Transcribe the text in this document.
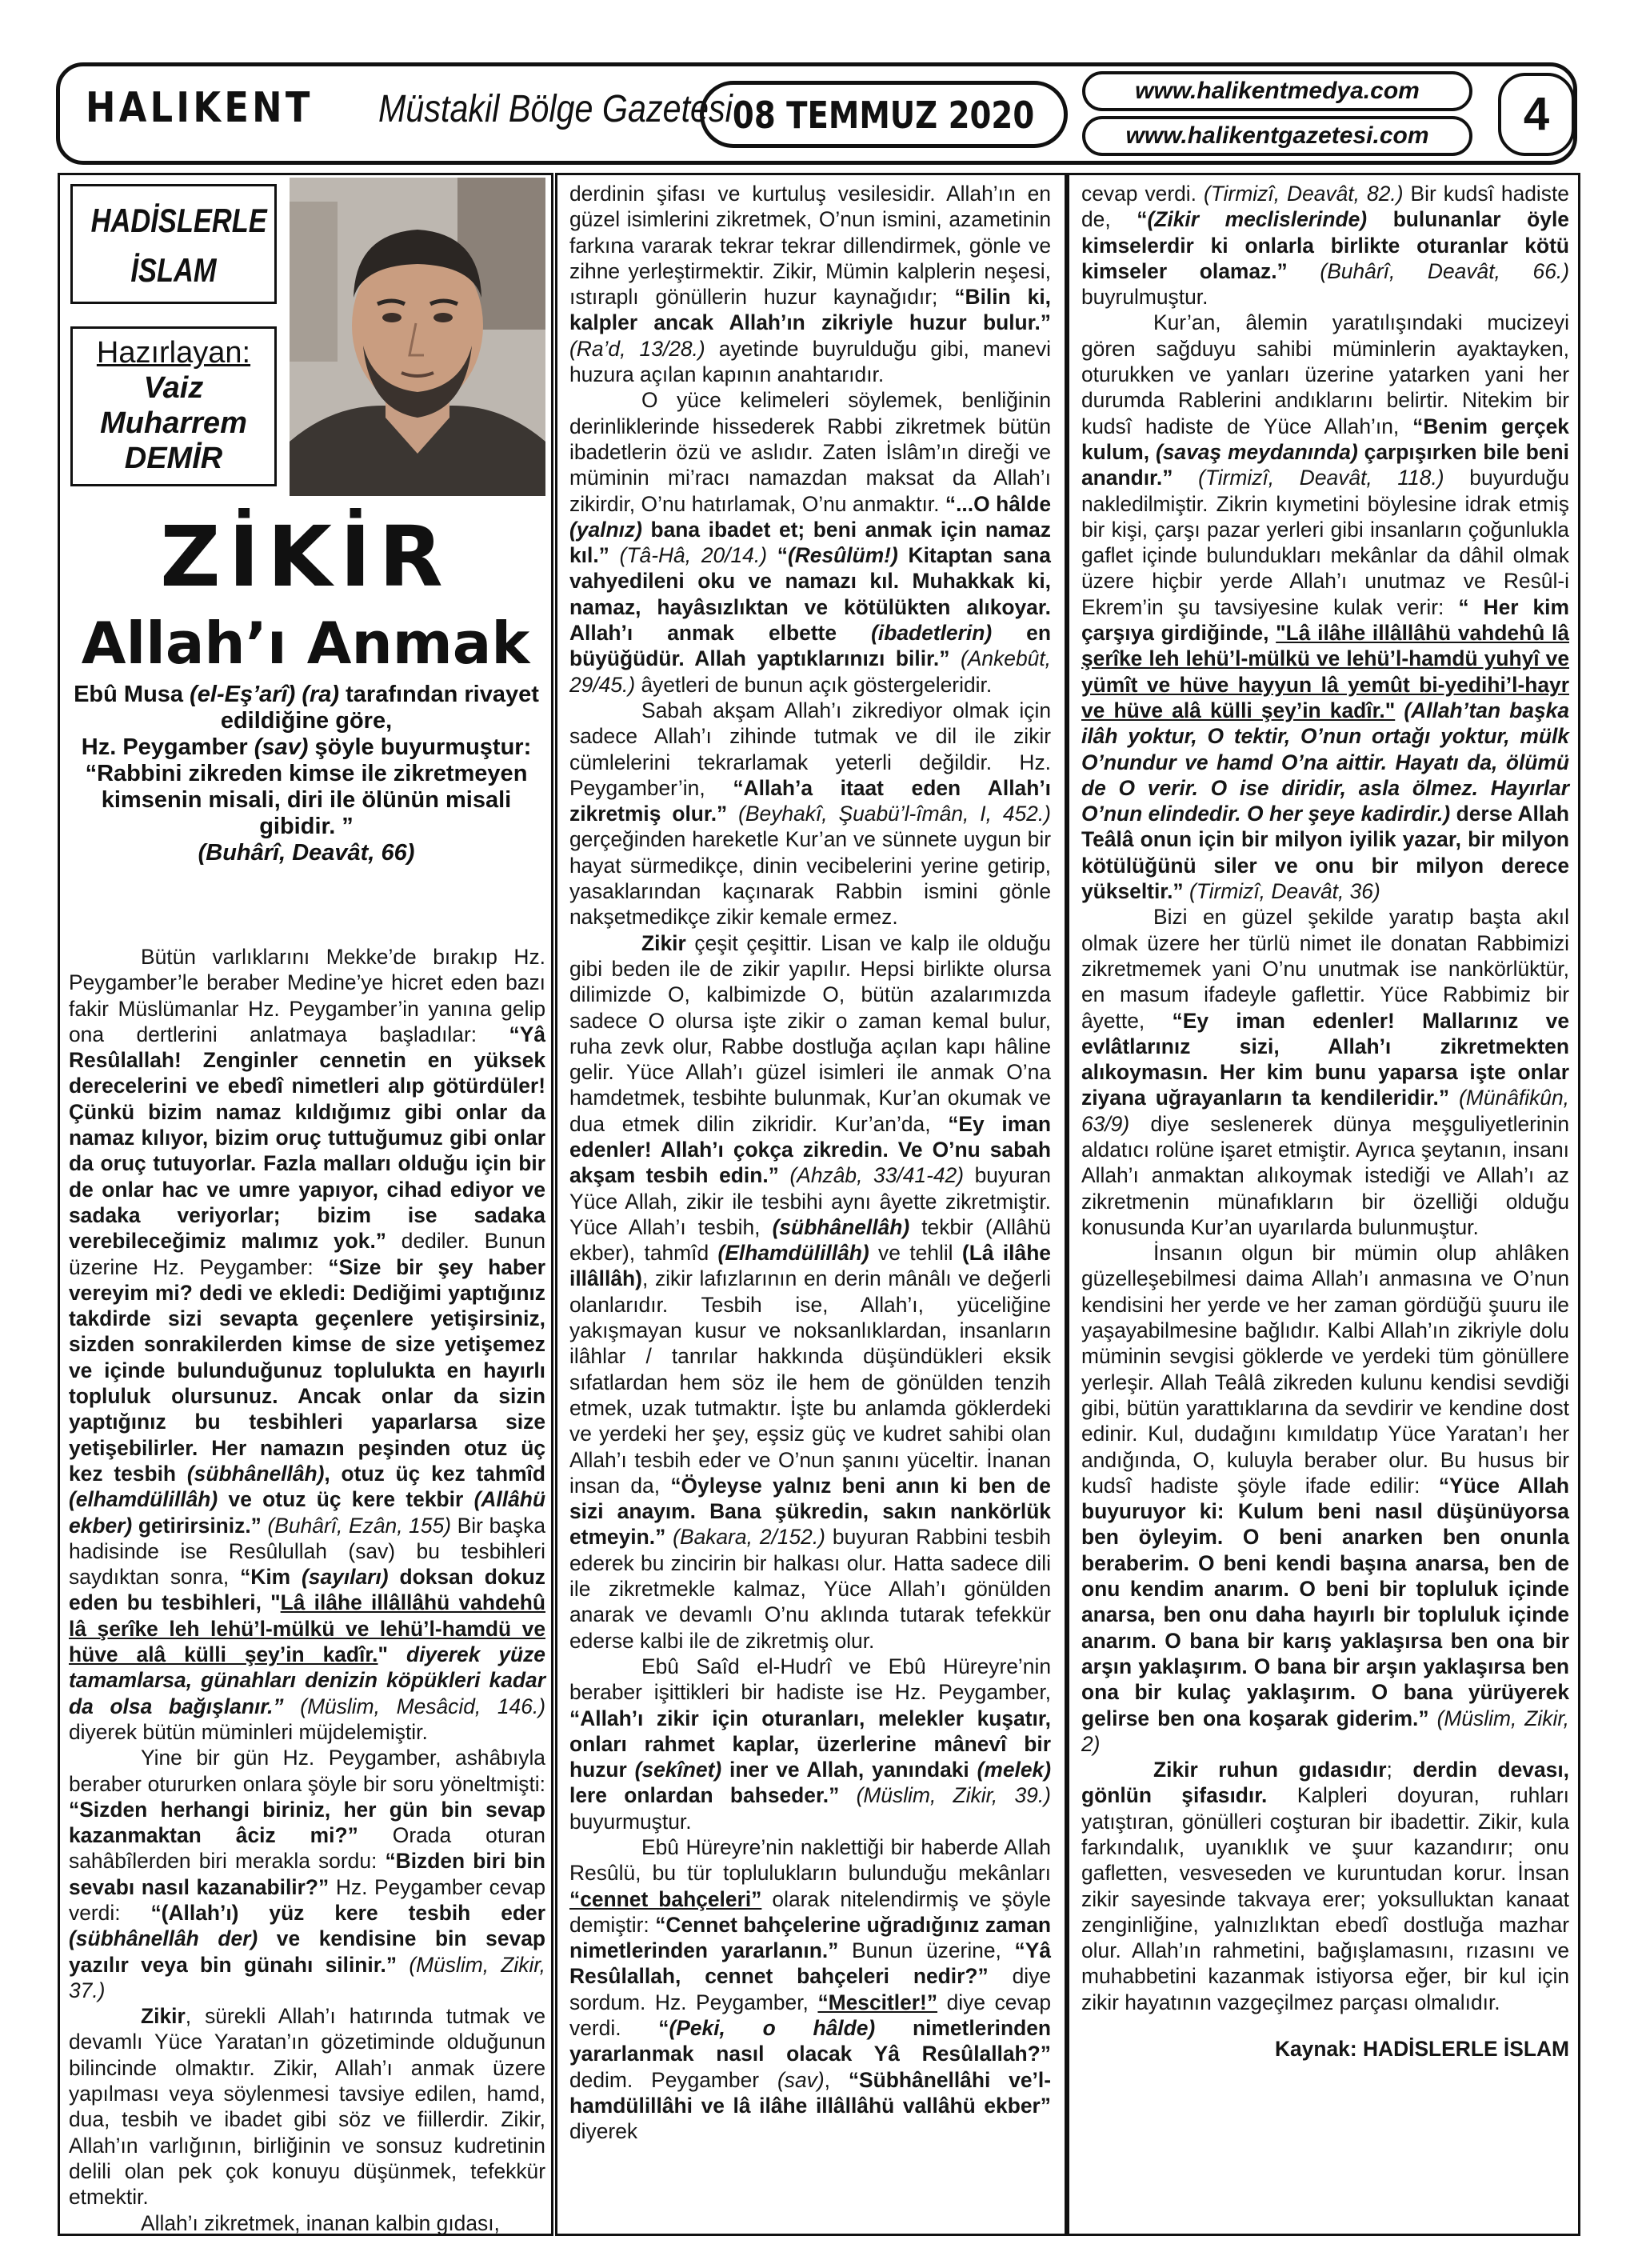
HALIKENT Müstakil Bölge Gazetesi 08 TEMMUZ 2020
www.halikentmedya.com
www.halikentgazetesi.com	4
HADİSLERLE
İSLAM
Hazırlayan:
Vaiz
Muharrem
DEMİR
ZİKİR
Allah’ı Anmak
Ebû Musa (el-Eş’arî) (ra) tarafından rivayet edildiğine göre,
Hz. Peygamber (sav) şöyle buyurmuştur: “Rabbini zikreden kimse ile zikretmeyen kimsenin misali, diri ile ölünün misali gibidir. ”
(Buhârî, Deavât, 66)

Bütün varlıklarını Mekke’de bırakıp Hz. Peygamber’le beraber Medine’ye hicret eden bazı fakir Müslümanlar Hz. Peygamber’in yanına gelip ona dertlerini anlatmaya başladılar: “Yâ Resûlallah! Zenginler cennetin en yüksek derecelerini ve ebedî nimetleri alıp götürdüler! Çünkü bizim namaz kıldığımız gibi onlar da namaz kılıyor, bizim oruç tuttuğumuz gibi onlar da oruç tutuyorlar. Fazla malları olduğu için bir de onlar hac ve umre yapıyor, cihad ediyor ve sadaka veriyorlar; bizim ise sadaka verebileceğimiz malımız yok.” dediler. Bunun üzerine Hz. Peygamber: “Size bir şey haber vereyim mi? dedi ve ekledi: Dediğimi yaptığınız takdirde sizi sevapta geçenlere yetişirsiniz, sizden sonrakilerden kimse de size yetişemez ve içinde bulunduğunuz toplulukta en hayırlı topluluk olursunuz. Ancak onlar da sizin yaptığınız bu tesbihleri yaparlarsa size yetişebilirler. Her namazın peşinden otuz üç kez tesbih (sübhânellâh), otuz üç kez tahmîd (elhamdülillâh) ve otuz üç kere tekbir (Allâhü ekber) getirirsiniz.” (Buhârî, Ezân, 155) Bir başka hadisinde ise Resûlullah (sav) bu tesbihleri saydıktan sonra, “Kim (sayıları) doksan dokuz eden bu tesbihleri, "Lâ ilâhe illâllâhü vahdehû lâ şerîke leh lehü’l-mülkü ve lehü’l-hamdü ve hüve alâ külli şey’in kadîr." diyerek yüze tamamlarsa, günahları denizin köpükleri kadar da olsa bağışlanır.” (Müslim, Mesâcid, 146.) diyerek bütün müminleri müjdelemiştir.

Yine bir gün Hz. Peygamber, ashâbıyla beraber otururken onlara şöyle bir soru yöneltmişti: “Sizden herhangi biriniz, her gün bin sevap kazanmaktan âciz mi?” Orada oturan sahâbîlerden biri merakla sordu: “Bizden biri bin sevabı nasıl kazanabilir?” Hz. Peygamber cevap verdi: “(Allah’ı) yüz kere tesbih eder (sübhânellâh der) ve kendisine bin sevap yazılır veya bin günahı silinir.” (Müslim, Zikir, 37.)

Zikir, sürekli Allah’ı hatırında tutmak ve devamlı Yüce Yaratan’ın gözetiminde olduğunun bilincinde olmaktır. Zikir, Allah’ı anmak üzere yapılması veya söylenmesi tavsiye edilen, hamd, dua, tesbih ve ibadet gibi söz ve fiillerdir. Zikir, Allah’ın varlığının, birliğinin ve sonsuz kudretinin delili olan pek çok konuyu düşünmek, tefekkür etmektir.

Allah’ı zikretmek, inanan kalbin gıdası,

derdinin şifası ve kurtuluş vesilesidir. Allah’ın en güzel isimlerini zikretmek, O’nun ismini, azametinin farkına vararak tekrar tekrar dillendirmek, gönle ve zihne yerleştirmektir. Zikir, Mümin kalplerin neşesi, ıstıraplı gönüllerin huzur kaynağıdır; “Bilin ki, kalpler ancak Allah’ın zikriyle huzur bulur.” (Ra’d, 13/28.) ayetinde buyrulduğu gibi, manevi huzura açılan kapının anahtarıdır.

O yüce kelimeleri söylemek, benliğinin derinliklerinde hissederek Rabbi zikretmek bütün ibadetlerin özü ve aslıdır. Zaten İslâm’ın direği ve müminin mi’racı namazdan maksat da Allah’ı zikirdir, O’nu hatırlamak, O’nu anmaktır. “...O hâlde (yalnız) bana ibadet et; beni anmak için namaz kıl.” (Tâ-Hâ, 20/14.) “(Resûlüm!) Kitaptan sana vahyedileni oku ve namazı kıl. Muhakkak ki, namaz, hayâsızlıktan ve kötülükten alıkoyar. Allah’ı anmak elbette (ibadetlerin) en büyüğüdür. Allah yaptıklarınızı bilir.” (Ankebût, 29/45.) âyetleri de bunun açık göstergeleridir.

Sabah akşam Allah’ı zikrediyor olmak için sadece Allah’ı zihinde tutmak ve dil ile zikir cümlelerini tekrarlamak yeterli değildir. Hz. Peygamber’in, “Allah’a itaat eden Allah’ı zikretmiş olur.” (Beyhakî, Şuabü’l-îmân, I, 452.) gerçeğinden hareketle Kur’an ve sünnete uygun bir hayat sürmedikçe, dinin vecibelerini yerine getirip, yasaklarından kaçınarak Rabbin ismini gönle nakşetmedikçe zikir kemale ermez.

Zikir çeşit çeşittir. Lisan ve kalp ile olduğu gibi beden ile de zikir yapılır. Hepsi birlikte olursa dilimizde O, kalbimizde O, bütün azalarımızda sadece O olursa işte zikir o zaman kemal bulur, ruha zevk olur, Rabbe dostluğa açılan kapı hâline gelir. Yüce Allah’ı güzel isimleri ile anmak O’na hamdetmek, tesbihte bulunmak, Kur’an okumak ve dua etmek dilin zikridir. Kur’an’da, “Ey iman edenler! Allah’ı çokça zikredin. Ve O’nu sabah akşam tesbih edin.” (Ahzâb, 33/41-42) buyuran Yüce Allah, zikir ile tesbihi aynı âyette zikretmiştir. Yüce Allah’ı tesbih, (sübhânellâh) tekbir (Allâhü ekber), tahmîd (Elhamdülillâh) ve tehlil (Lâ ilâhe illâllâh), zikir lafızlarının en derin mânâlı ve değerli olanlarıdır. Tesbih ise, Allah’ı, yüceliğine yakışmayan kusur ve noksanlıklardan, insanların ilâhlar / tanrılar hakkında düşündükleri eksik sıfatlardan hem söz ile hem de gönülden tenzih etmek, uzak tutmaktır. İşte bu anlamda göklerdeki ve yerdeki her şey, eşsiz güç ve kudret sahibi olan Allah’ı tesbih eder ve O’nun şanını yüceltir. İnanan insan da, “Öyleyse yalnız beni anın ki ben de sizi anayım. Bana şükredin, sakın nankörlük etmeyin.” (Bakara, 2/152.) buyuran Rabbini tesbih ederek bu zincirin bir halkası olur. Hatta sadece dili ile zikretmekle kalmaz, Yüce Allah’ı gönülden anarak ve devamlı O’nu aklında tutarak tefekkür ederse kalbi ile de zikretmiş olur.

Ebû Saîd el-Hudrî ve Ebû Hüreyre’nin beraber işittikleri bir hadiste ise Hz. Peygamber, “Allah’ı zikir için oturanları, melekler kuşatır, onları rahmet kaplar, üzerlerine mânevî bir huzur (sekînet) iner ve Allah, yanındaki (melek) lere onlardan bahseder.” (Müslim, Zikir, 39.) buyurmuştur.

Ebû Hüreyre’nin naklettiği bir haberde Allah Resûlü, bu tür toplulukların bulunduğu mekânları “cennet bahçeleri” olarak nitelendirmiş ve şöyle demiştir: “Cennet bahçelerine uğradığınız zaman nimetlerinden yararlanın.” Bunun üzerine, “Yâ Resûlallah, cennet bahçeleri nedir?” diye sordum. Hz. Peygamber, “Mescitler!” diye cevap verdi. “(Peki, o hâlde) nimetlerinden yararlanmak nasıl olacak Yâ Resûlallah?” dedim. Peygamber (sav), “Sübhânellâhi ve’l-hamdülillâhi ve lâ ilâhe illâllâhü vallâhü ekber” diyerek

cevap verdi. (Tirmizî, Deavât, 82.) Bir kudsî hadiste de, “(Zikir meclislerinde) bulunanlar öyle kimselerdir ki onlarla birlikte oturanlar kötü kimseler olamaz.” (Buhârî, Deavât, 66.) buyrulmuştur.

Kur’an, âlemin yaratılışındaki mucizeyi gören sağduyu sahibi müminlerin ayaktayken, oturukken ve yanları üzerine yatarken yani her durumda Rablerini andıklarını belirtir. Nitekim bir kudsî hadiste de Yüce Allah’ın, “Benim gerçek kulum, (savaş meydanında) çarpışırken bile beni anandır.” (Tirmizî, Deavât, 118.) buyurduğu nakledilmiştir. Zikrin kıymetini böylesine idrak etmiş bir kişi, çarşı pazar yerleri gibi insanların çoğunlukla gaflet içinde bulundukları mekânlar da dâhil olmak üzere hiçbir yerde Allah’ı unutmaz ve Resûl-i Ekrem’in şu tavsiyesine kulak verir: “ Her kim çarşıya girdiğinde, "Lâ ilâhe illâllâhü vahdehû lâ şerîke leh lehü’l-mülkü ve lehü’l-hamdü yuhyî ve yümît ve hüve hayyun lâ yemût bi-yedihi’l-hayr ve hüve alâ külli şey’in kadîr." (Allah’tan başka ilâh yoktur, O tektir, O’nun ortağı yoktur, mülk O’nundur ve hamd O’na aittir. Hayatı da, ölümü de O verir. O ise diridir, asla ölmez. Hayırlar O’nun elindedir. O her şeye kadirdir.) derse Allah Teâlâ onun için bir milyon iyilik yazar, bir milyon kötülüğünü siler ve onu bir milyon derece yükseltir.” (Tirmizî, Deavât, 36)

Bizi en güzel şekilde yaratıp başta akıl olmak üzere her türlü nimet ile donatan Rabbimizi zikretmemek yani O’nu unutmak ise nankörlüktür, en masum ifadeyle gaflettir. Yüce Rabbimiz bir âyette, “Ey iman edenler! Mallarınız ve evlâtlarınız sizi, Allah’ı zikretmekten alıkoymasın. Her kim bunu yaparsa işte onlar ziyana uğrayanların ta kendileridir.” (Münâfikûn, 63/9) diye seslenerek dünya meşguliyetlerinin aldatıcı rolüne işaret etmiştir. Ayrıca şeytanın, insanı Allah’ı anmaktan alıkoymak istediği ve Allah’ı az zikretmenin münafıkların bir özelliği olduğu konusunda Kur’an uyarılarda bulunmuştur.

İnsanın olgun bir mümin olup ahlâken güzelleşebilmesi daima Allah’ı anmasına ve O’nun kendisini her yerde ve her zaman gördüğü şuuru ile yaşayabilmesine bağlıdır. Kalbi Allah’ın zikriyle dolu müminin sevgisi göklerde ve yerdeki tüm gönüllere yerleşir. Allah Teâlâ zikreden kulunu kendisi sevdiği gibi, bütün yarattıklarına da sevdirir ve kendine dost edinir. Kul, dudağını kımıldatıp Yüce Yaratan’ı her andığında, O, kuluyla beraber olur. Bu husus bir kudsî hadiste şöyle ifade edilir: “Yüce Allah buyuruyor ki: Kulum beni nasıl düşünüyorsa ben öyleyim. O beni anarken ben onunla beraberim. O beni kendi başına anarsa, ben de onu kendim anarım. O beni bir topluluk içinde anarsa, ben onu daha hayırlı bir topluluk içinde anarım. O bana bir karış yaklaşırsa ben ona bir arşın yaklaşırım. O bana bir arşın yaklaşırsa ben ona bir kulaç yaklaşırım. O bana yürüyerek gelirse ben ona koşarak giderim.” (Müslim, Zikir, 2)

Zikir ruhun gıdasıdır; derdin devası, gönlün şifasıdır. Kalpleri doyuran, ruhları yatıştıran, gönülleri coşturan bir ibadettir. Zikir, kula farkındalık, uyanıklık ve şuur kazandırır; onu gafletten, vesveseden ve kuruntudan korur. İnsan zikir sayesinde takvaya erer; yoksulluktan kanaat zenginliğine, yalnızlıktan ebedî dostluğa mazhar olur. Allah’ın rahmetini, bağışlamasını, rızasını ve muhabbetini kazanmak istiyorsa eğer, bir kul için zikir hayatının vazgeçilmez parçası olmalıdır.

Kaynak: HADİSLERLE İSLAM
